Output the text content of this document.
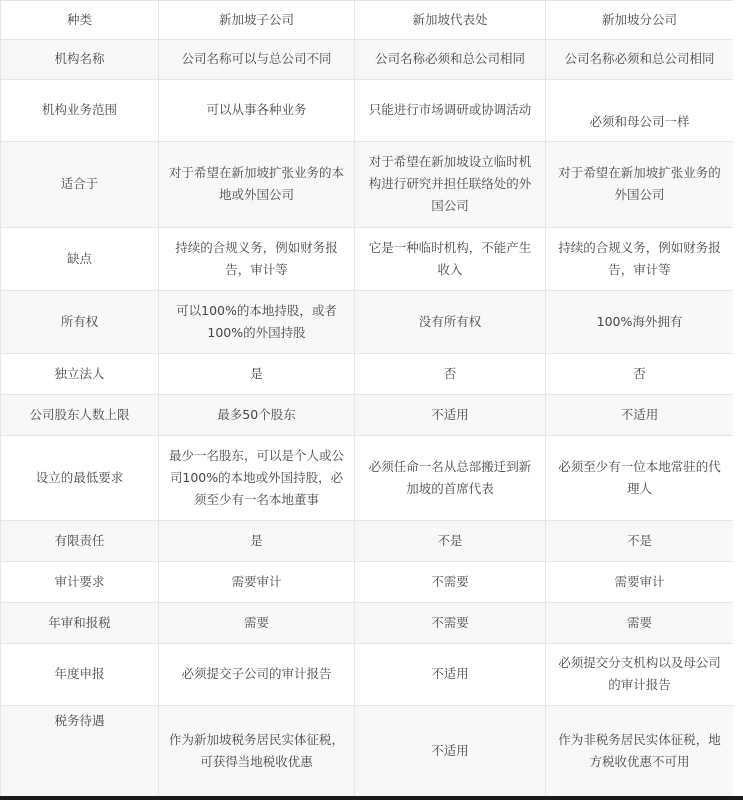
种类	新加坡子公司	新加坡代表处	新加坡分公司
机构名称	公司名称可以与总公司不同	公司名称必须和总公司相同	公司名称必须和总公司相同
机构业务范围	可以从事各种业务	只能进行市场调研或协调活动	必须和母公司一样
适合于	对于希望在新加坡扩张业务的本地或外国公司	对于希望在新加坡设立临时机构进行研究并担任联络处的外国公司	对于希望在新加坡扩张业务的外国公司
缺点	持续的合规义务，例如财务报告，审计等	它是一种临时机构，不能产生收入	持续的合规义务，例如财务报告，审计等
所有权	可以100%的本地持股，或者100%的外国持股	没有所有权	100%海外拥有
独立法人	是	否	否
公司股东人数上限	最多50个股东	不适用	不适用
设立的最低要求	最少一名股东，可以是个人或公司100%的本地或外国持股，必须至少有一名本地董事	必须任命一名从总部搬迁到新加坡的首席代表	必须至少有一位本地常驻的代理人
有限责任	是	不是	不是
审计要求	需要审计	不需要	需要审计
年审和报税	需要	不需要	需要
年度申报	必须提交子公司的审计报告	不适用	必须提交分支机构以及母公司的审计报告
税务待遇	作为新加坡税务居民实体征税，可获得当地税收优惠	不适用	作为非税务居民实体征税，地方税收优惠不可用
